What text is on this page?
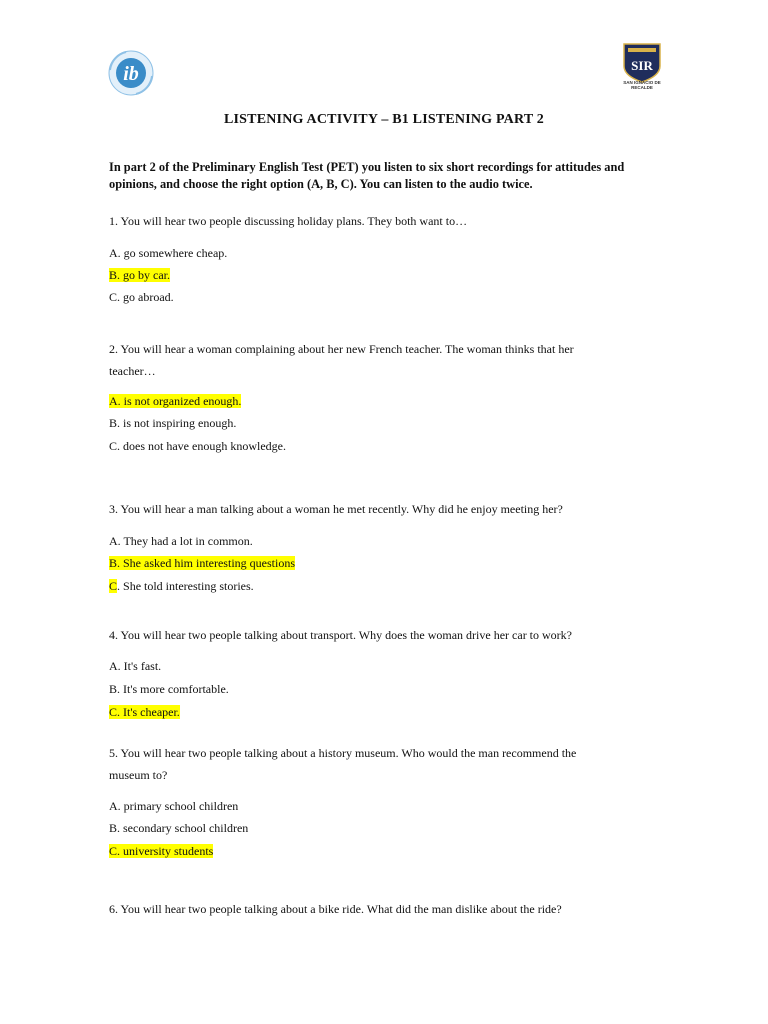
ib	SIR
SAN IGNACIO DE RECALDE
LISTENING ACTIVITY – B1 LISTENING PART 2
In part 2 of the Preliminary English Test (PET) you listen to six short recordings for attitudes and opinions, and choose the right option (A, B, C). You can listen to the audio twice.
1. You will hear two people discussing holiday plans. They both want to…
A. go somewhere cheap.
B. go by car.
C. go abroad.
2. You will hear a woman complaining about her new French teacher. The woman thinks that her
teacher…
A. is not organized enough.
B. is not inspiring enough.
C. does not have enough knowledge.
3. You will hear a man talking about a woman he met recently. Why did he enjoy meeting her?
A. They had a lot in common.
B. She asked him interesting questions
C. She told interesting stories.
4. You will hear two people talking about transport. Why does the woman drive her car to work?
A. It's fast.
B. It's more comfortable.
C. It's cheaper.
5. You will hear two people talking about a history museum. Who would the man recommend the
museum to?
A. primary school children
B. secondary school children
C. university students
6. You will hear two people talking about a bike ride. What did the man dislike about the ride?
